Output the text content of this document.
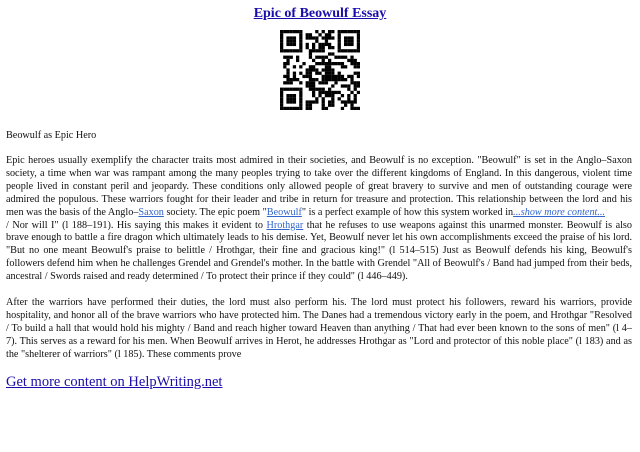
Epic of Beowulf Essay

Beowulf as Epic Hero

Epic heroes usually exemplify the character traits most admired in their societies, and Beowulf is no exception. "Beowulf" is set in the Anglo–Saxon society, a time when war was rampant among the many peoples trying to take over the different kingdoms of England. In this dangerous, violent time people lived in constant peril and jeopardy. These conditions only allowed people of great bravery to survive and men of outstanding courage were admired the populous. These warriors fought for their leader and tribe in return for treasure and protection. This relationship between the lord and his men was the basis of the Anglo–Saxon society. The epic poem "Beowulf" is a perfect example of how this system worked in...show more content...
/ Nor will I" (l 188–191). His saying this makes it evident to Hrothgar that he refuses to use weapons against this unarmed monster. Beowulf is also brave enough to battle a fire dragon which ultimately leads to his demise. Yet, Beowulf never let his own accomplishments exceed the praise of his lord. "But no one meant Beowulf's praise to belittle / Hrothgar, their fine and gracious king!" (l 514–515) Just as Beowulf defends his king, Beowulf's followers defend him when he challenges Grendel and Grendel's mother. In the battle with Grendel "All of Beowulf's / Band had jumped from their beds, ancestral / Swords raised and ready determined / To protect their prince if they could" (l 446–449).

After the warriors have performed their duties, the lord must also perform his. The lord must protect his followers, reward his warriors, provide hospitality, and honor all of the brave warriors who have protected him. The Danes had a tremendous victory early in the poem, and Hrothgar "Resolved / To build a hall that would hold his mighty / Band and reach higher toward Heaven than anything / That had ever been known to the sons of men" (l 4–7). This serves as a reward for his men. When Beowulf arrives in Herot, he addresses Hrothgar as "Lord and protector of this noble place" (l 183) and as the "shelterer of warriors" (l 185). These comments prove

Get more content on HelpWriting.net
